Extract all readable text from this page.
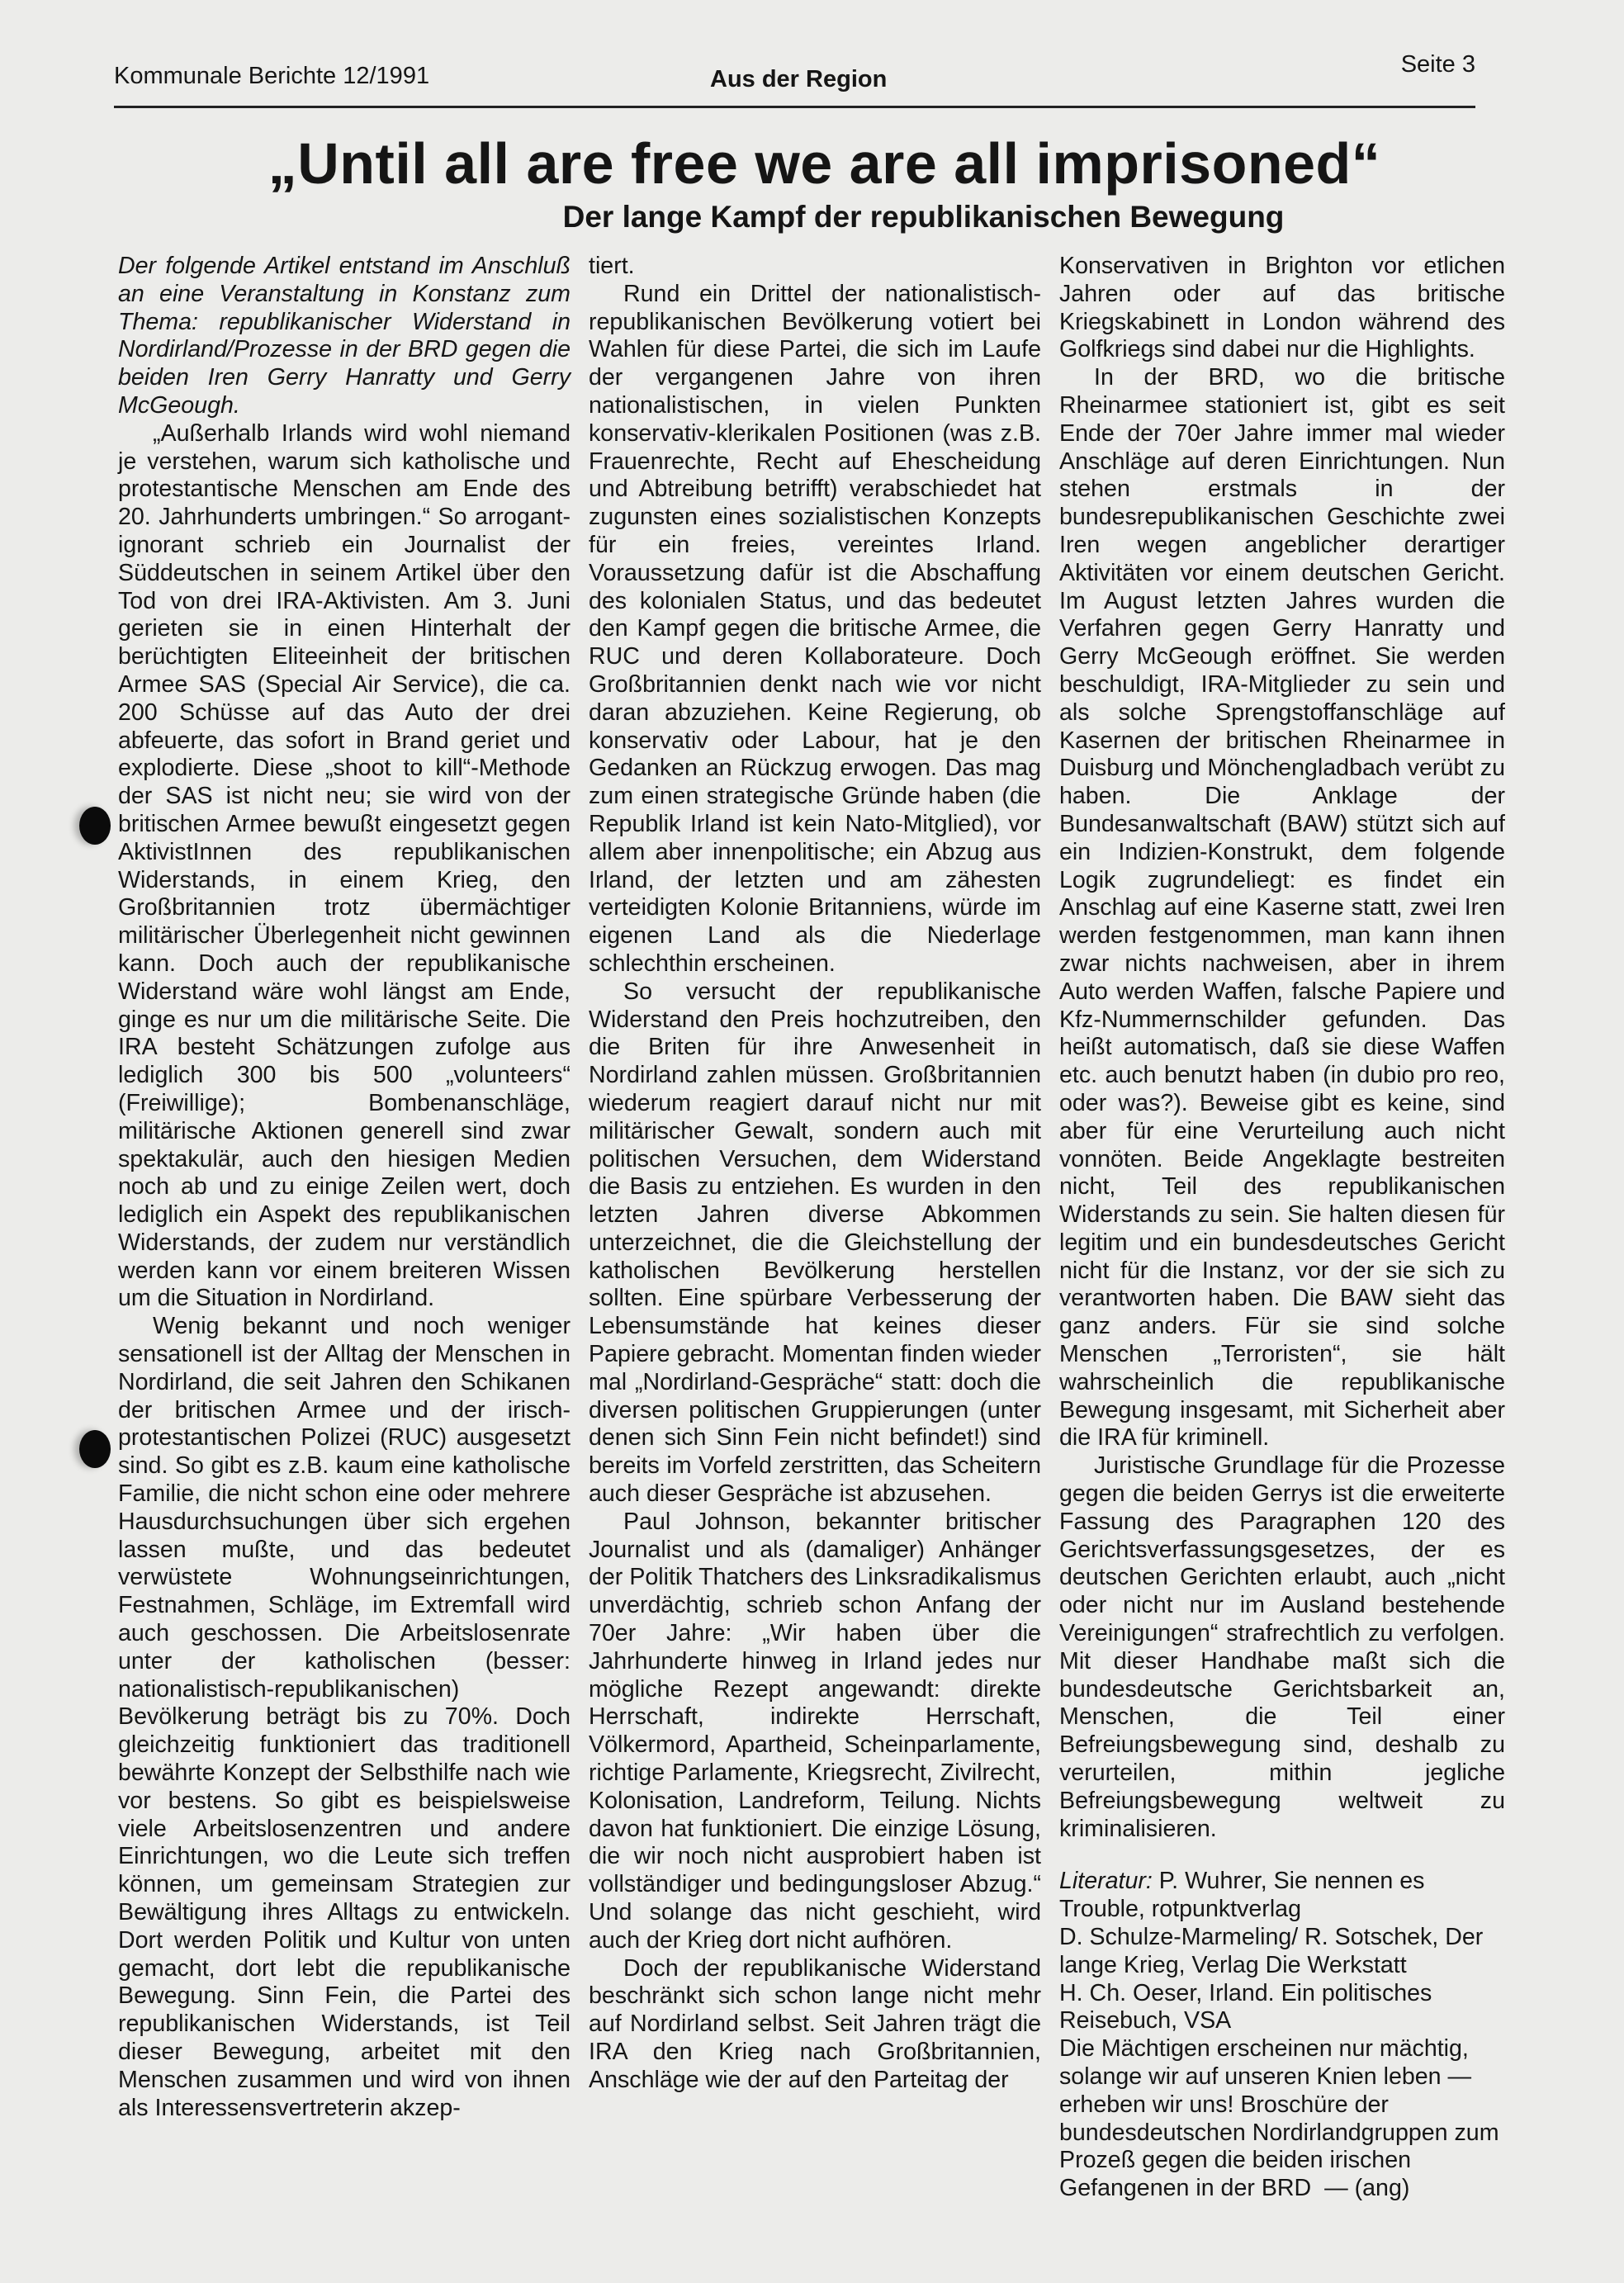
Kommunale Berichte 12/1991	Aus der Region
Seite 3
„Until all are free we are all imprisoned“
Der lange Kampf der republikanischen Bewegung

Der folgende Artikel entstand im Anschluß an eine Veranstaltung in Konstanz zum Thema: republikanischer Widerstand in Nordirland/Prozesse in der BRD gegen die beiden Iren Gerry Hanratty und Gerry McGeough.

„Außerhalb Irlands wird wohl niemand je verstehen, warum sich katholische und protestantische Menschen am Ende des 20. Jahrhunderts umbringen.“ So arrogant-ignorant schrieb ein Journalist der Süddeutschen in seinem Artikel über den Tod von drei IRA-Aktivisten. Am 3. Juni gerieten sie in einen Hinterhalt der berüchtigten Eliteeinheit der britischen Armee SAS (Special Air Service), die ca. 200 Schüsse auf das Auto der drei abfeuerte, das sofort in Brand geriet und explodierte. Diese „shoot to kill“-Methode der SAS ist nicht neu; sie wird von der britischen Armee bewußt eingesetzt gegen AktivistInnen des republikanischen Widerstands, in einem Krieg, den Großbritannien trotz übermächtiger militärischer Überlegenheit nicht gewinnen kann. Doch auch der republikanische Widerstand wäre wohl längst am Ende, ginge es nur um die militärische Seite. Die IRA besteht Schätzungen zufolge aus lediglich 300 bis 500 „volunteers“ (Freiwillige); Bombenanschläge, militärische Aktionen generell sind zwar spektakulär, auch den hiesigen Medien noch ab und zu einige Zeilen wert, doch lediglich ein Aspekt des republikanischen Widerstands, der zudem nur verständlich werden kann vor einem breiteren Wissen um die Situation in Nordirland.

Wenig bekannt und noch weniger sensationell ist der Alltag der Menschen in Nordirland, die seit Jahren den Schikanen der britischen Armee und der irisch-protestantischen Polizei (RUC) ausgesetzt sind. So gibt es z.B. kaum eine katholische Familie, die nicht schon eine oder mehrere Hausdurchsuchungen über sich ergehen lassen mußte, und das bedeutet verwüstete Wohnungseinrichtungen, Festnahmen, Schläge, im Extremfall wird auch geschossen. Die Arbeitslosenrate unter der katholischen (besser: nationalistisch-republikanischen) Bevölkerung beträgt bis zu 70%. Doch gleichzeitig funktioniert das traditionell bewährte Konzept der Selbsthilfe nach wie vor bestens. So gibt es beispielsweise viele Arbeitslosenzentren und andere Einrichtungen, wo die Leute sich treffen können, um gemeinsam Strategien zur Bewältigung ihres Alltags zu entwickeln. Dort werden Politik und Kultur von unten gemacht, dort lebt die republikanische Bewegung. Sinn Fein, die Partei des republikanischen Widerstands, ist Teil dieser Bewegung, arbeitet mit den Menschen zusammen und wird von ihnen als Interessensvertreterin akzep-

tiert.

Rund ein Drittel der nationalistisch-republikanischen Bevölkerung votiert bei Wahlen für diese Partei, die sich im Laufe der vergangenen Jahre von ihren nationalistischen, in vielen Punkten konservativ-klerikalen Positionen (was z.B. Frauenrechte, Recht auf Ehescheidung und Abtreibung betrifft) verabschiedet hat zugunsten eines sozialistischen Konzepts für ein freies, vereintes Irland. Voraussetzung dafür ist die Abschaffung des kolonialen Status, und das bedeutet den Kampf gegen die britische Armee, die RUC und deren Kollaborateure. Doch Großbritannien denkt nach wie vor nicht daran abzuziehen. Keine Regierung, ob konservativ oder Labour, hat je den Gedanken an Rückzug erwogen. Das mag zum einen strategische Gründe haben (die Republik Irland ist kein Nato-Mitglied), vor allem aber innenpolitische; ein Abzug aus Irland, der letzten und am zähesten verteidigten Kolonie Britanniens, würde im eigenen Land als die Niederlage schlechthin erscheinen.

So versucht der republikanische Widerstand den Preis hochzutreiben, den die Briten für ihre Anwesenheit in Nordirland zahlen müssen. Großbritannien wiederum reagiert darauf nicht nur mit militärischer Gewalt, sondern auch mit politischen Versuchen, dem Widerstand die Basis zu entziehen. Es wurden in den letzten Jahren diverse Abkommen unterzeichnet, die die Gleichstellung der katholischen Bevölkerung herstellen sollten. Eine spürbare Verbesserung der Lebensumstände hat keines dieser Papiere gebracht. Momentan finden wieder mal „Nordirland-Gespräche“ statt: doch die diversen politischen Gruppierungen (unter denen sich Sinn Fein nicht befindet!) sind bereits im Vorfeld zerstritten, das Scheitern auch dieser Gespräche ist abzusehen.

Paul Johnson, bekannter britischer Journalist und als (damaliger) Anhänger der Politik Thatchers des Linksradikalismus unverdächtig, schrieb schon Anfang der 70er Jahre: „Wir haben über die Jahrhunderte hinweg in Irland jedes nur mögliche Rezept angewandt: direkte Herrschaft, indirekte Herrschaft, Völkermord, Apartheid, Scheinparlamente, richtige Parlamente, Kriegsrecht, Zivilrecht, Kolonisation, Landreform, Teilung. Nichts davon hat funktioniert. Die einzige Lösung, die wir noch nicht ausprobiert haben ist vollständiger und bedingungsloser Abzug.“ Und solange das nicht geschieht, wird auch der Krieg dort nicht aufhören.

Doch der republikanische Widerstand beschränkt sich schon lange nicht mehr auf Nordirland selbst. Seit Jahren trägt die IRA den Krieg nach Großbritannien, Anschläge wie der auf den Parteitag der

Konservativen in Brighton vor etlichen Jahren oder auf das britische Kriegskabinett in London während des Golfkriegs sind dabei nur die Highlights.

In der BRD, wo die britische Rheinarmee stationiert ist, gibt es seit Ende der 70er Jahre immer mal wieder Anschläge auf deren Einrichtungen. Nun stehen erstmals in der bundesrepublikanischen Geschichte zwei Iren wegen angeblicher derartiger Aktivitäten vor einem deutschen Gericht. Im August letzten Jahres wurden die Verfahren gegen Gerry Hanratty und Gerry McGeough eröffnet. Sie werden beschuldigt, IRA-Mitglieder zu sein und als solche Sprengstoffanschläge auf Kasernen der britischen Rheinarmee in Duisburg und Mönchengladbach verübt zu haben. Die Anklage der Bundesanwaltschaft (BAW) stützt sich auf ein Indizien-Konstrukt, dem folgende Logik zugrundeliegt: es findet ein Anschlag auf eine Kaserne statt, zwei Iren werden festgenommen, man kann ihnen zwar nichts nachweisen, aber in ihrem Auto werden Waffen, falsche Papiere und Kfz-Nummernschilder gefunden. Das heißt automatisch, daß sie diese Waffen etc. auch benutzt haben (in dubio pro reo, oder was?). Beweise gibt es keine, sind aber für eine Verurteilung auch nicht vonnöten. Beide Angeklagte bestreiten nicht, Teil des republikanischen Widerstands zu sein. Sie halten diesen für legitim und ein bundesdeutsches Gericht nicht für die Instanz, vor der sie sich zu verantworten haben. Die BAW sieht das ganz anders. Für sie sind solche Menschen „Terroristen“, sie hält wahrscheinlich die republikanische Bewegung insgesamt, mit Sicherheit aber die IRA für kriminell.

Juristische Grundlage für die Prozesse gegen die beiden Gerrys ist die erweiterte Fassung des Paragraphen 120 des Gerichtsverfassungsgesetzes, der es deutschen Gerichten erlaubt, auch „nicht oder nicht nur im Ausland bestehende Vereinigungen“ strafrechtlich zu verfolgen. Mit dieser Handhabe maßt sich die bundesdeutsche Gerichtsbarkeit an, Menschen, die Teil einer Befreiungsbewegung sind, deshalb zu verurteilen, mithin jegliche Befreiungsbewegung weltweit zu kriminalisieren.

Literatur: P. Wuhrer, Sie nennen es Trouble, rotpunktverlag

D. Schulze-Marmeling/ R. Sotschek, Der lange Krieg, Verlag Die Werkstatt

H. Ch. Oeser, Irland. Ein politisches Reisebuch, VSA

Die Mächtigen erscheinen nur mächtig, solange wir auf unseren Knien leben — erheben wir uns! Broschüre der bundesdeutschen Nordirlandgruppen zum Prozeß gegen die beiden irischen Gefangenen in der BRD — (ang)
